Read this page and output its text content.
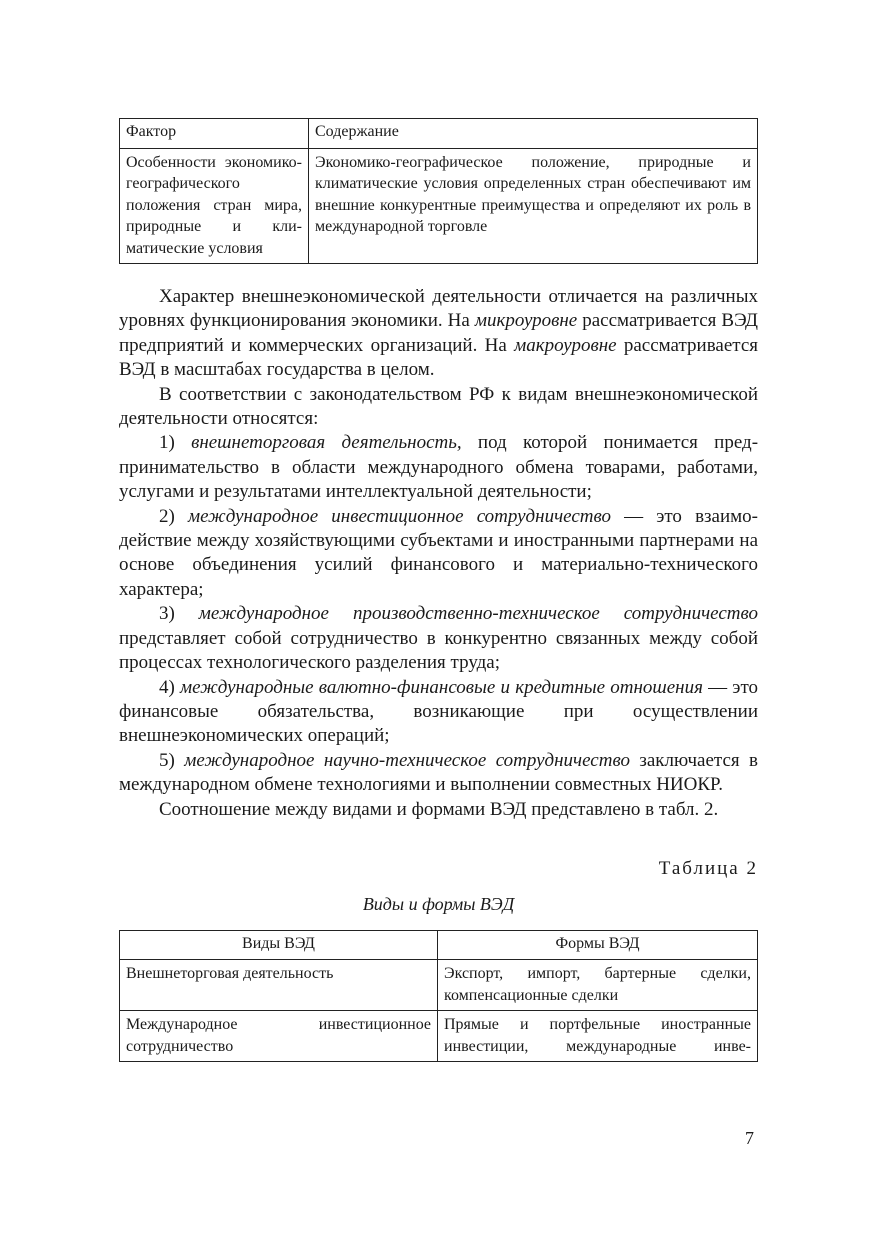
Фактор	Содержание
Особенности экономико-географического положения стран мира, природные и климатические условия	Экономико-географическое положение, природные и климатические условия определенных стран обеспечивают им внешние конкурентные преимущества и определяют их роль в международной торговле

Характер внешнеэкономической деятельности отличается на различных уровнях функционирования экономики. На микроуровне рассматривается ВЭД предприятий и коммерческих организаций. На макроуровне рассматривается ВЭД в масштабах государства в целом.

В соответствии с законодательством РФ к видам внешнеэкономической деятельности относятся:

1) внешнеторговая деятельность, под которой понимается предпринимательство в области международного обмена товарами, работами, услугами и результатами интеллектуальной деятельности;

2) международное инвестиционное сотрудничество — это взаимодействие между хозяйствующими субъектами и иностранными партнерами на основе объединения усилий финансового и материально-технического характера;

3) международное производственно-техническое сотрудничество представляет собой сотрудничество в конкурентно связанных между собой процессах технологического разделения труда;

4) международные валютно-финансовые и кредитные отношения — это финансовые обязательства, возникающие при осуществлении внешнеэкономических операций;

5) международное научно-техническое сотрудничество заключается в международном обмене технологиями и выполнении совместных НИОКР.

Соотношение между видами и формами ВЭД представлено в табл. 2.

Таблица 2
Виды и формы ВЭД
Виды ВЭД	Формы ВЭД
Внешнеторговая деятельность	Экспорт, импорт, бартерные сделки, компенсационные сделки
Международное инвестиционное сотрудничество	Прямые и портфельные иностранные инвестиции, международные инве-
7
